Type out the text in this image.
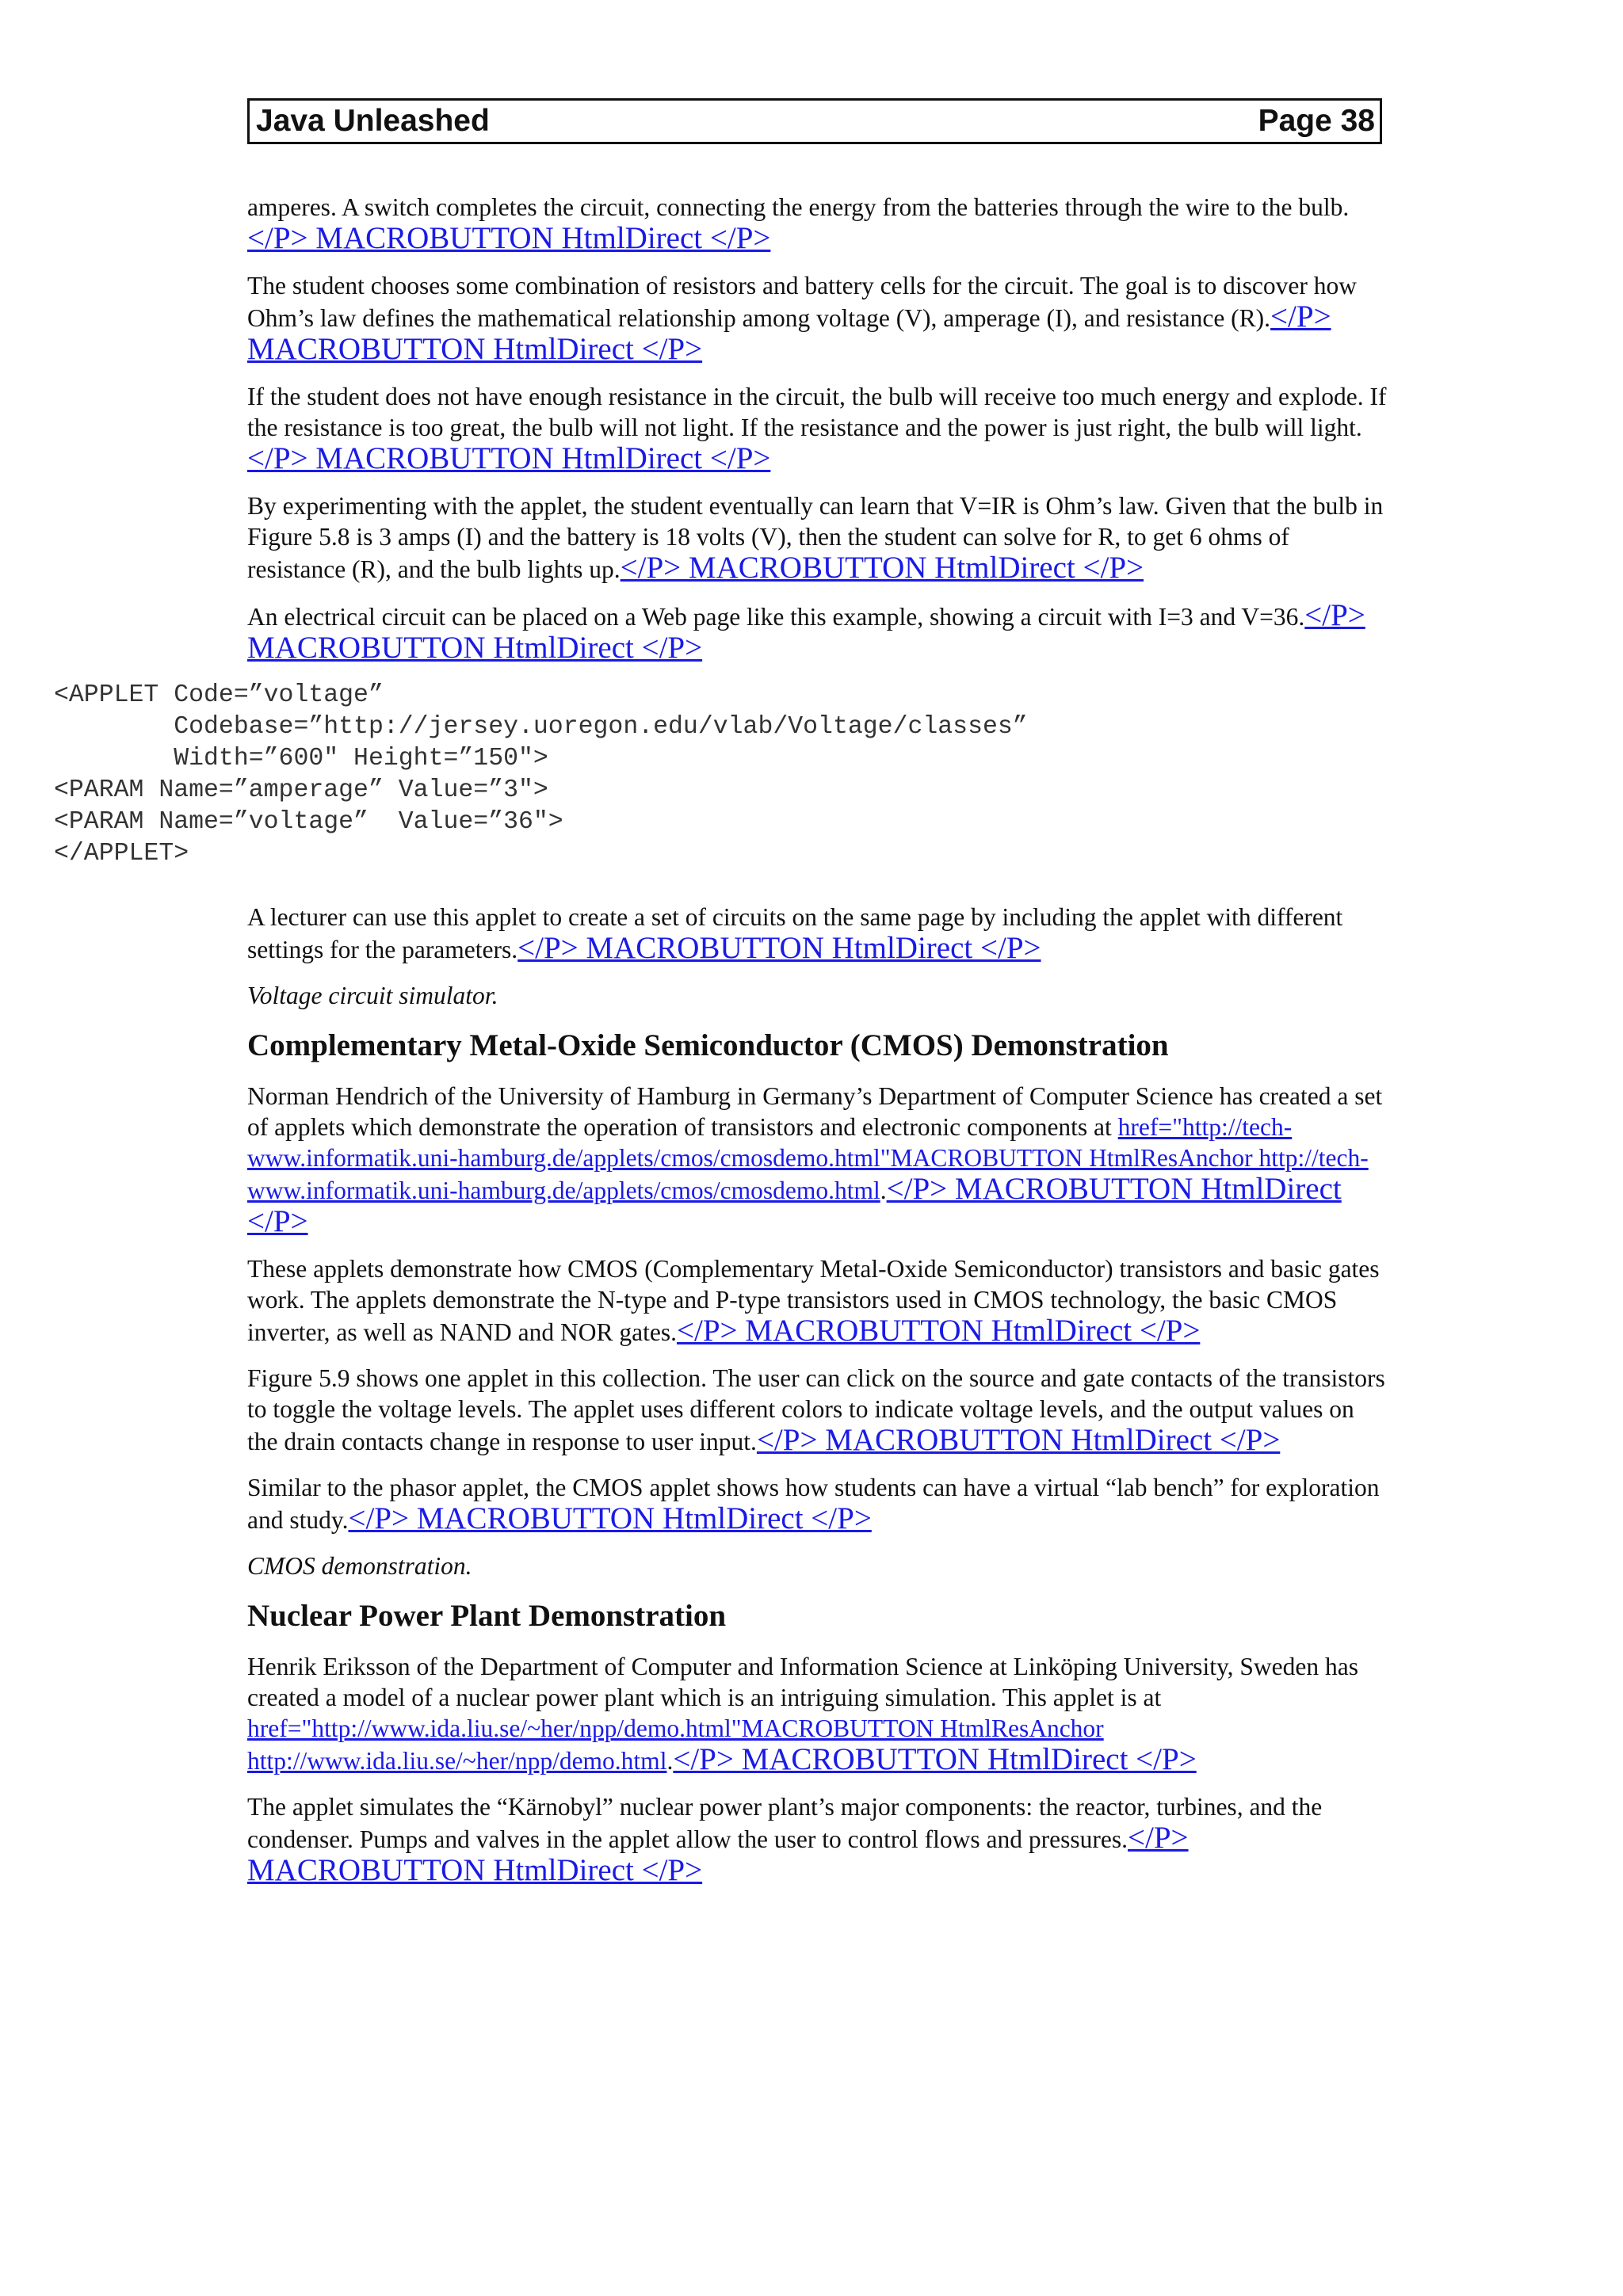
Java Unleashed	Page 38

amperes. A switch completes the circuit, connecting the energy from the batteries through the wire to the bulb.</P> MACROBUTTON HtmlDirect </P>

The student chooses some combination of resistors and battery cells for the circuit. The goal is to discover how Ohm’s law defines the mathematical relationship among voltage (V), amperage (I), and resistance (R).</P> MACROBUTTON HtmlDirect </P>

If the student does not have enough resistance in the circuit, the bulb will receive too much energy and explode. If the resistance is too great, the bulb will not light. If the resistance and the power is just right, the bulb will light.</P> MACROBUTTON HtmlDirect </P>

By experimenting with the applet, the student eventually can learn that V=IR is Ohm’s law. Given that the bulb in Figure 5.8 is 3 amps (I) and the battery is 18 volts (V), then the student can solve for R, to get 6 ohms of resistance (R), and the bulb lights up.</P> MACROBUTTON HtmlDirect </P>

An electrical circuit can be placed on a Web page like this example, showing a circuit with I=3 and V=36.</P> MACROBUTTON HtmlDirect </P>

<APPLET Code=”voltage”
Codebase=”http://jersey.uoregon.edu/vlab/Voltage/classes”
Width=”600" Height=”150">
<PARAM Name=”amperage” Value=”3">
<PARAM Name=”voltage”  Value=”36">
</APPLET>

A lecturer can use this applet to create a set of circuits on the same page by including the applet with different settings for the parameters.</P> MACROBUTTON HtmlDirect </P>

Voltage circuit simulator.

Complementary Metal-Oxide Semiconductor (CMOS) Demonstration

Norman Hendrich of the University of Hamburg in Germany’s Department of Computer Science has created a set of applets which demonstrate the operation of transistors and electronic components at href="http://tech-www.informatik.uni-hamburg.de/applets/cmos/cmosdemo.html"MACROBUTTON HtmlResAnchor http://tech-www.informatik.uni-hamburg.de/applets/cmos/cmosdemo.html.</P> MACROBUTTON HtmlDirect </P>

These applets demonstrate how CMOS (Complementary Metal-Oxide Semiconductor) transistors and basic gates work. The applets demonstrate the N-type and P-type transistors used in CMOS technology, the basic CMOS inverter, as well as NAND and NOR gates.</P> MACROBUTTON HtmlDirect </P>

Figure 5.9 shows one applet in this collection. The user can click on the source and gate contacts of the transistors to toggle the voltage levels. The applet uses different colors to indicate voltage levels, and the output values on the drain contacts change in response to user input.</P> MACROBUTTON HtmlDirect </P>

Similar to the phasor applet, the CMOS applet shows how students can have a virtual “lab bench” for exploration and study.</P> MACROBUTTON HtmlDirect </P>

CMOS demonstration.

Nuclear Power Plant Demonstration

Henrik Eriksson of the Department of Computer and Information Science at Linköping University, Sweden has created a model of a nuclear power plant which is an intriguing simulation. This applet is at href="http://www.ida.liu.se/~her/npp/demo.html"MACROBUTTON HtmlResAnchor http://www.ida.liu.se/~her/npp/demo.html.</P> MACROBUTTON HtmlDirect </P>

The applet simulates the “Kärnobyl” nuclear power plant’s major components: the reactor, turbines, and the condenser. Pumps and valves in the applet allow the user to control flows and pressures.</P> MACROBUTTON HtmlDirect </P>
